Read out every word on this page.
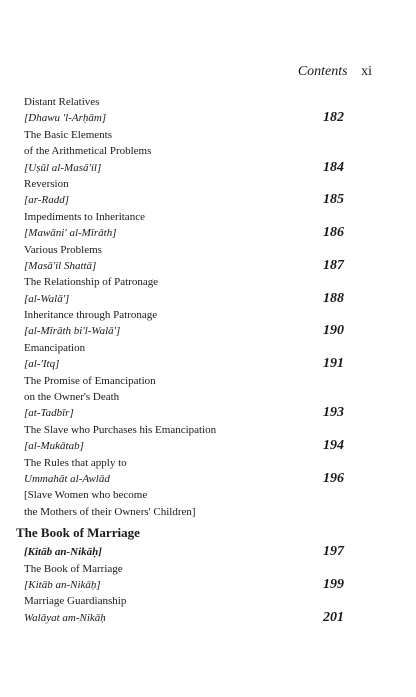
Contents xi
Distant Relatives
[Dhawu 'l-Arḥām]	182
The Basic Elements
of the Arithmetical Problems
[Uṣūl al-Masā'il]	184
Reversion
[ar-Radd]	185
Impediments to Inheritance
[Mawāni' al-Mīrāth]	186
Various Problems
[Masā'il Shattā]	187
The Relationship of Patronage
[al-Walā']	188
Inheritance through Patronage
[al-Mīrāth bi'l-Walā']	190
Emancipation
[al-'Itq]	191
The Promise of Emancipation
on the Owner's Death
[at-Tadbīr]	193
The Slave who Purchases his Emancipation
[al-Mukātab]	194
The Rules that apply to
Ummahāt al-Awlād	196
[Slave Women who become
the Mothers of their Owners' Children]
The Book of Marriage
[Kitāb an-Nikāḥ]	197
The Book of Marriage
[Kitāb an-Nikāḥ]	199
Marriage Guardianship
Walāyat am-Nikāḥ	201
